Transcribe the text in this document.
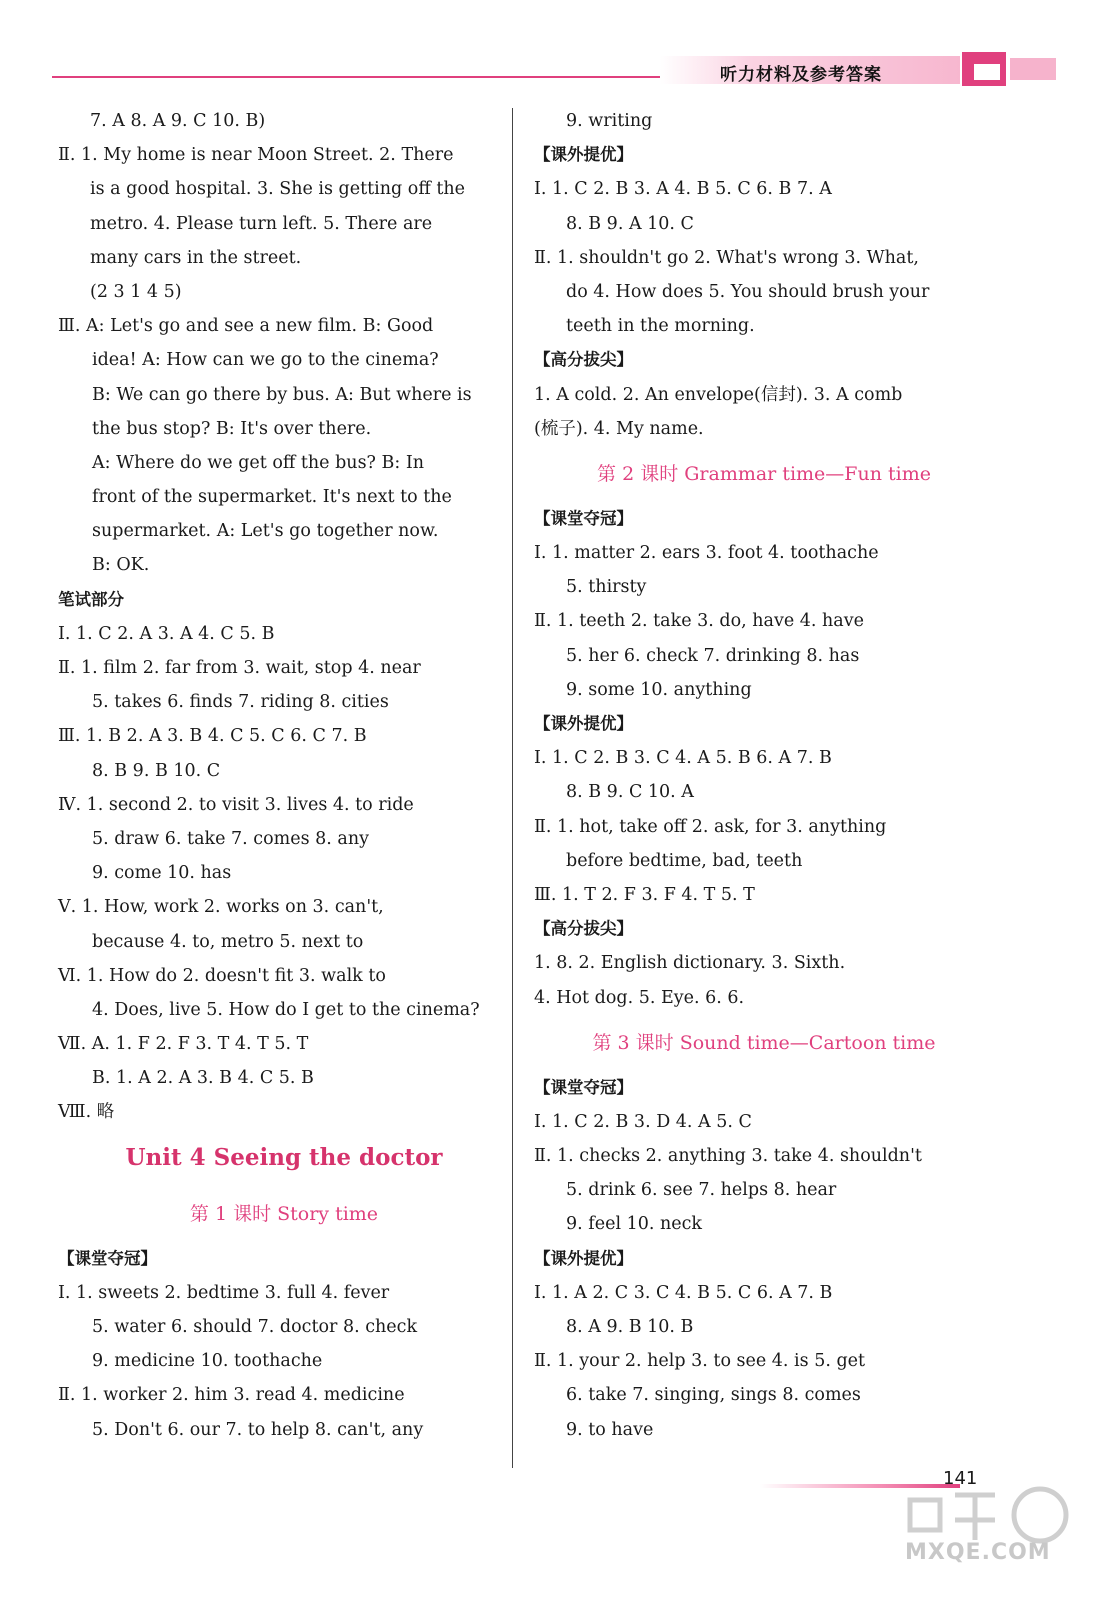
听力材料及参考答案
7. A 8. A 9. C 10. B)
Ⅱ. 1. My home is near Moon Street. 2. There
is a good hospital. 3. She is getting off the
metro. 4. Please turn left. 5. There are
many cars in the street.
(2 3 1 4 5)
Ⅲ. A: Let's go and see a new film. B: Good
idea! A: How can we go to the cinema?
B: We can go there by bus. A: But where is
the bus stop? B: It's over there.
A: Where do we get off the bus? B: In
front of the supermarket. It's next to the
supermarket. A: Let's go together now.
B: OK.
笔试部分
Ⅰ. 1. C 2. A 3. A 4. C 5. B
Ⅱ. 1. film 2. far from 3. wait, stop 4. near
5. takes 6. finds 7. riding 8. cities
Ⅲ. 1. B 2. A 3. B 4. C 5. C 6. C 7. B
8. B 9. B 10. C
Ⅳ. 1. second 2. to visit 3. lives 4. to ride
5. draw 6. take 7. comes 8. any
9. come 10. has
Ⅴ. 1. How, work 2. works on 3. can't,
because 4. to, metro 5. next to
Ⅵ. 1. How do 2. doesn't fit 3. walk to
4. Does, live 5. How do I get to the cinema?
Ⅶ. A. 1. F 2. F 3. T 4. T 5. T
B. 1. A 2. A 3. B 4. C 5. B
Ⅷ. 略
Unit 4 Seeing the doctor
第 1 课时 Story time
【课堂夺冠】
Ⅰ. 1. sweets 2. bedtime 3. full 4. fever
5. water 6. should 7. doctor 8. check
9. medicine 10. toothache
Ⅱ. 1. worker 2. him 3. read 4. medicine
5. Don't 6. our 7. to help 8. can't, any
9. writing
【课外提优】
Ⅰ. 1. C 2. B 3. A 4. B 5. C 6. B 7. A
8. B 9. A 10. C
Ⅱ. 1. shouldn't go 2. What's wrong 3. What,
do 4. How does 5. You should brush your
teeth in the morning.
【高分拔尖】
1. A cold. 2. An envelope(信封). 3. A comb
(梳子). 4. My name.
第 2 课时 Grammar time—Fun time
【课堂夺冠】
Ⅰ. 1. matter 2. ears 3. foot 4. toothache
5. thirsty
Ⅱ. 1. teeth 2. take 3. do, have 4. have
5. her 6. check 7. drinking 8. has
9. some 10. anything
【课外提优】
Ⅰ. 1. C 2. B 3. C 4. A 5. B 6. A 7. B
8. B 9. C 10. A
Ⅱ. 1. hot, take off 2. ask, for 3. anything
before bedtime, bad, teeth
Ⅲ. 1. T 2. F 3. F 4. T 5. T
【高分拔尖】
1. 8. 2. English dictionary. 3. Sixth.
4. Hot dog. 5. Eye. 6. 6.
第 3 课时 Sound time—Cartoon time
【课堂夺冠】
Ⅰ. 1. C 2. B 3. D 4. A 5. C
Ⅱ. 1. checks 2. anything 3. take 4. shouldn't
5. drink 6. see 7. helps 8. hear
9. feel 10. neck
【课外提优】
Ⅰ. 1. A 2. C 3. C 4. B 5. C 6. A 7. B
8. A 9. B 10. B
Ⅱ. 1. your 2. help 3. to see 4. is 5. get
6. take 7. singing, sings 8. comes
9. to have
141
MXQE.COM
